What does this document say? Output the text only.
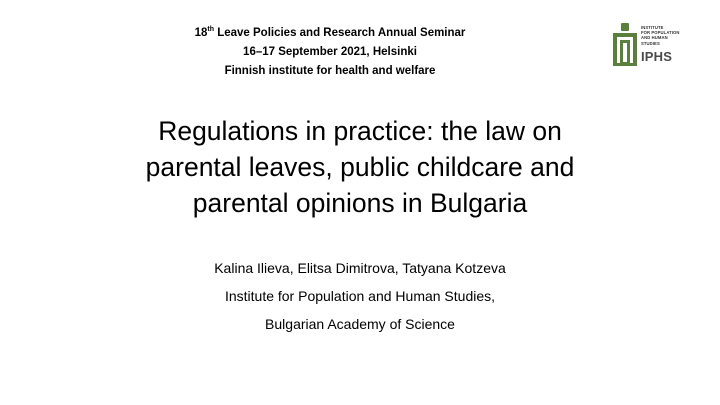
18th Leave Policies and Research Annual Seminar
16–17 September 2021, Helsinki
Finnish institute for health and welfare
INSTITUTE
FOR POPULATION
AND HUMAN
STUDIES
IPHS
Regulations in practice: the law on
parental leaves, public childcare and
parental opinions in Bulgaria
Kalina Ilieva, Elitsa Dimitrova, Tatyana Kotzeva
Institute for Population and Human Studies,
Bulgarian Academy of Science
